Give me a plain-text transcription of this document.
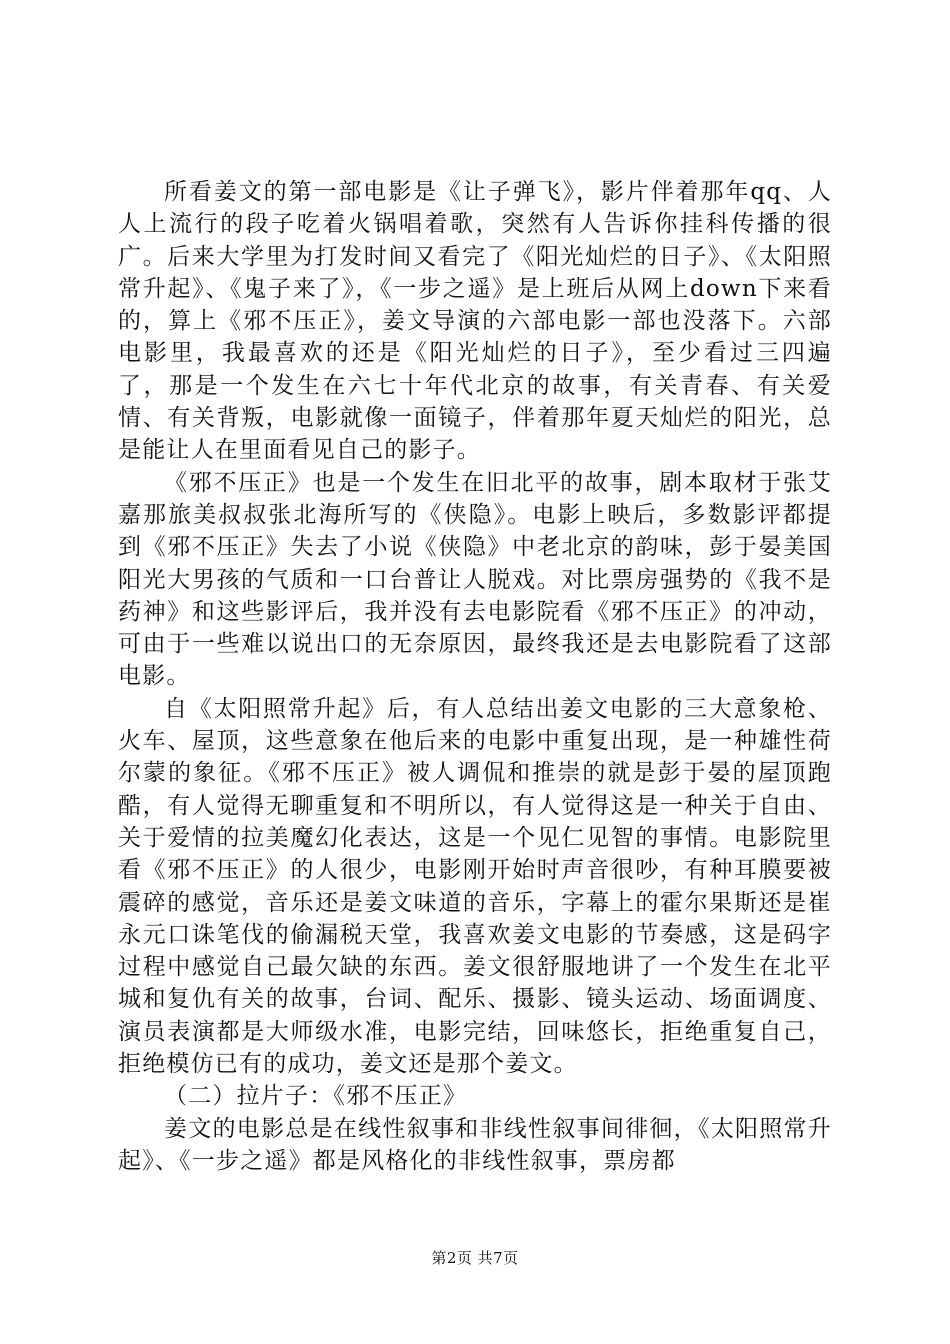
所看姜文的第一部电影是《让子弹飞》，影片伴着那年qq、人人上流行的段子吃着火锅唱着歌，突然有人告诉你挂科传播的很广。后来大学里为打发时间又看完了《阳光灿烂的日子》、《太阳照常升起》、《鬼子来了》，《一步之遥》是上班后从网上down下来看的，算上《邪不压正》，姜文导演的六部电影一部也没落下。六部电影里，我最喜欢的还是《阳光灿烂的日子》，至少看过三四遍了，那是一个发生在六七十年代北京的故事，有关青春、有关爱情、有关背叛，电影就像一面镜子，伴着那年夏天灿烂的阳光，总是能让人在里面看见自己的影子。

《邪不压正》也是一个发生在旧北平的故事，剧本取材于张艾嘉那旅美叔叔张北海所写的《侠隐》。电影上映后，多数影评都提到《邪不压正》失去了小说《侠隐》中老北京的韵味，彭于晏美国阳光大男孩的气质和一口台普让人脱戏。对比票房强势的《我不是药神》和这些影评后，我并没有去电影院看《邪不压正》的冲动，可由于一些难以说出口的无奈原因，最终我还是去电影院看了这部电影。

自《太阳照常升起》后，有人总结出姜文电影的三大意象枪、火车、屋顶，这些意象在他后来的电影中重复出现，是一种雄性荷尔蒙的象征。《邪不压正》被人调侃和推崇的就是彭于晏的屋顶跑酷，有人觉得无聊重复和不明所以，有人觉得这是一种关于自由、关于爱情的拉美魔幻化表达，这是一个见仁见智的事情。电影院里看《邪不压正》的人很少，电影刚开始时声音很吵，有种耳膜要被震碎的感觉，音乐还是姜文味道的音乐，字幕上的霍尔果斯还是崔永元口诛笔伐的偷漏税天堂，我喜欢姜文电影的节奏感，这是码字过程中感觉自己最欠缺的东西。姜文很舒服地讲了一个发生在北平城和复仇有关的故事，台词、配乐、摄影、镜头运动、场面调度、演员表演都是大师级水准，电影完结，回味悠长，拒绝重复自己，拒绝模仿已有的成功，姜文还是那个姜文。

（二）拉片子：《邪不压正》

姜文的电影总是在线性叙事和非线性叙事间徘徊，《太阳照常升起》、《一步之遥》都是风格化的非线性叙事，票房都

第2页 共7页
